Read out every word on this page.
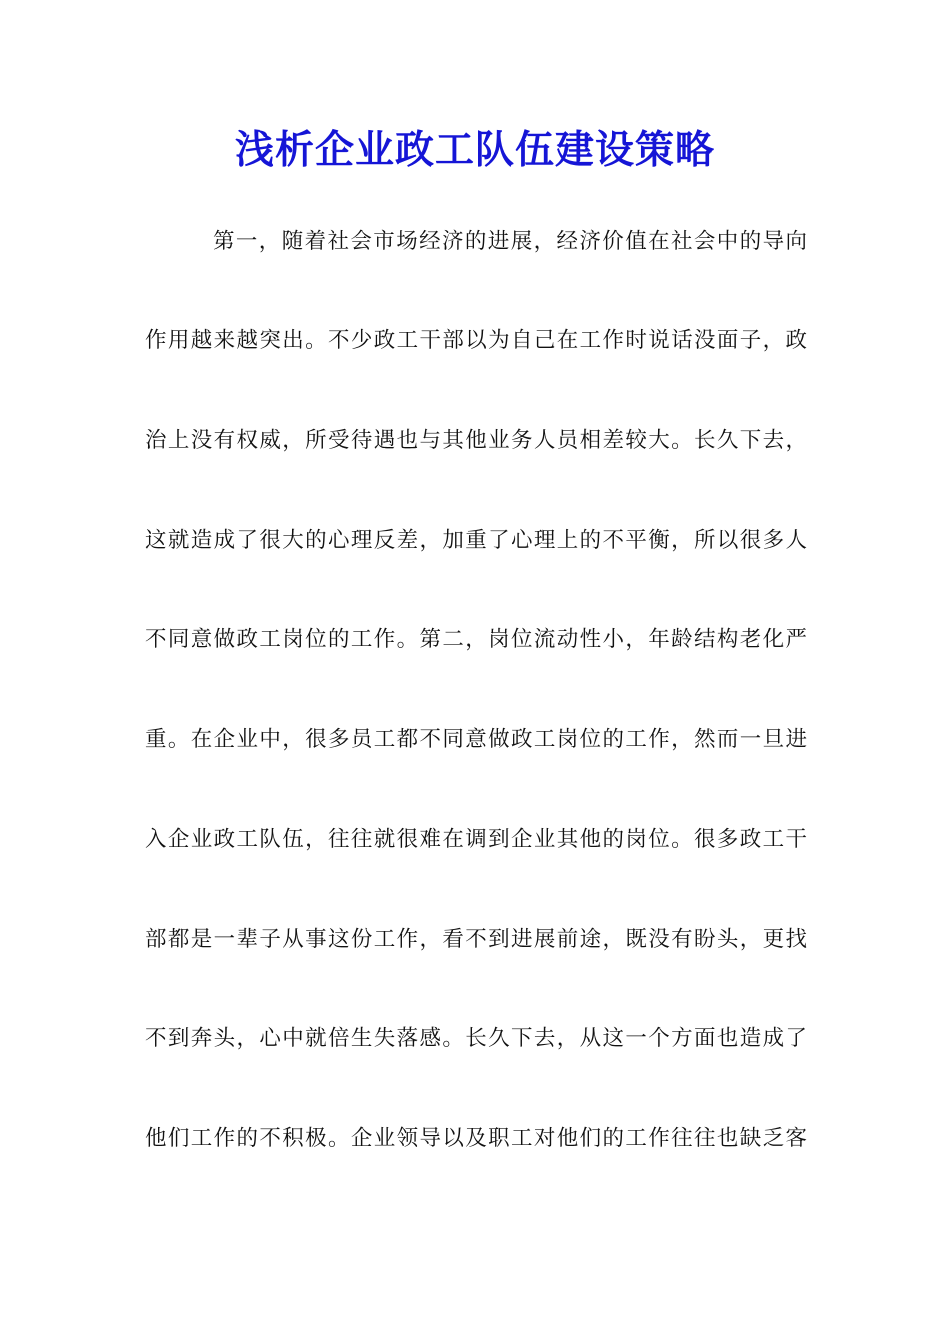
浅析企业政工队伍建设策略
第一，随着社会市场经济的进展，经济价值在社会中的导向
作用越来越突出。不少政工干部以为自己在工作时说话没面子，政
治上没有权威，所受待遇也与其他业务人员相差较大。长久下去，
这就造成了很大的心理反差，加重了心理上的不平衡，所以很多人
不同意做政工岗位的工作。第二，岗位流动性小，年龄结构老化严
重。在企业中，很多员工都不同意做政工岗位的工作，然而一旦进
入企业政工队伍，往往就很难在调到企业其他的岗位。很多政工干
部都是一辈子从事这份工作，看不到进展前途，既没有盼头，更找
不到奔头，心中就倍生失落感。长久下去，从这一个方面也造成了
他们工作的不积极。企业领导以及职工对他们的工作往往也缺乏客
